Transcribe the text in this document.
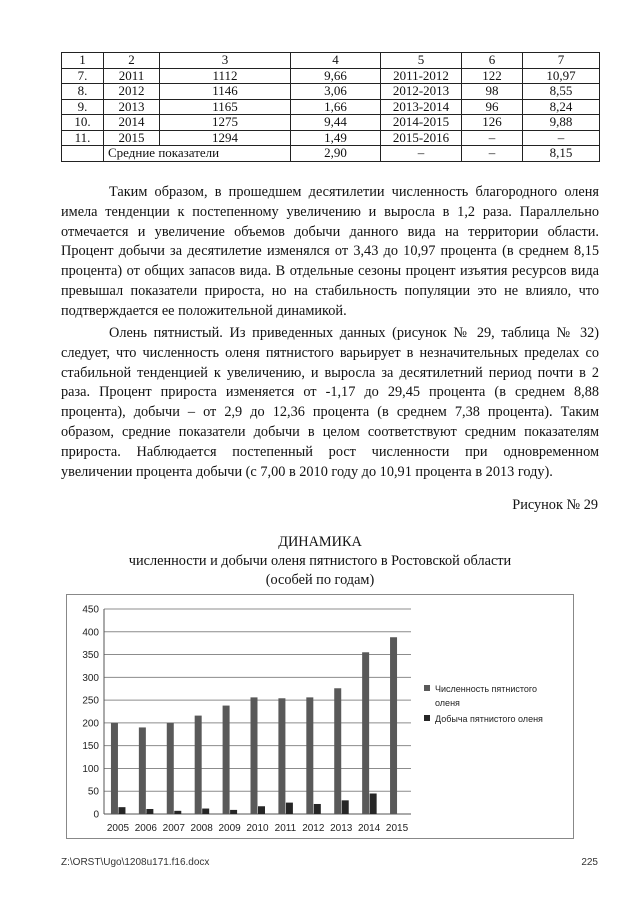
1	2	3	4	5	6	7
7.	2011	1112	9,66	2011-2012	122	10,97
8.	2012	1146	3,06	2012-2013	98	8,55
9.	2013	1165	1,66	2013-2014	96	8,24
10.	2014	1275	9,44	2014-2015	126	9,88
11.	2015	1294	1,49	2015-2016	–	–
	Средние показатели		2,90	–	–	8,15

Таким образом, в прошедшем десятилетии численность благородного оленя имела тенденции к постепенному увеличению и выросла в 1,2 раза. Параллельно отмечается и увеличение объемов добычи данного вида на территории области. Процент добычи за десятилетие изменялся от 3,43 до 10,97 процента (в среднем 8,15 процента) от общих запасов вида. В отдельные сезоны процент изъятия ресурсов вида превышал показатели прироста, но на стабильность популяции это не влияло, что подтверждается ее положительной динамикой.

Олень пятнистый. Из приведенных данных (рисунок № 29, таблица № 32) следует, что численность оленя пятнистого варьирует в незначительных пределах со стабильной тенденцией к увеличению, и выросла за десятилетний период почти в 2 раза. Процент прироста изменяется от -1,17 до 29,45 процента (в среднем 8,88 процента), добычи – от 2,9 до 12,36 процента (в среднем 7,38 процента). Таким образом, средние показатели добычи в целом соответствуют средним показателям прироста. Наблюдается постепенный рост численности при одновременном увеличении процента добычи (с 7,00 в 2010 году до 10,91 процента в 2013 году).

Рисунок № 29
ДИНАМИКА
численности и добычи оленя пятнистого в Ростовской области
(особей по годам)
0
50
100
150
200
250
300
350
400
450
2005 2006 2007 2008 2009 2010 2011 2012 2013 2014 2015
Численность пятнистого
оленя
Добыча пятнистого оленя
Z:\ORST\Ugo\1208u171.f16.docx	225
